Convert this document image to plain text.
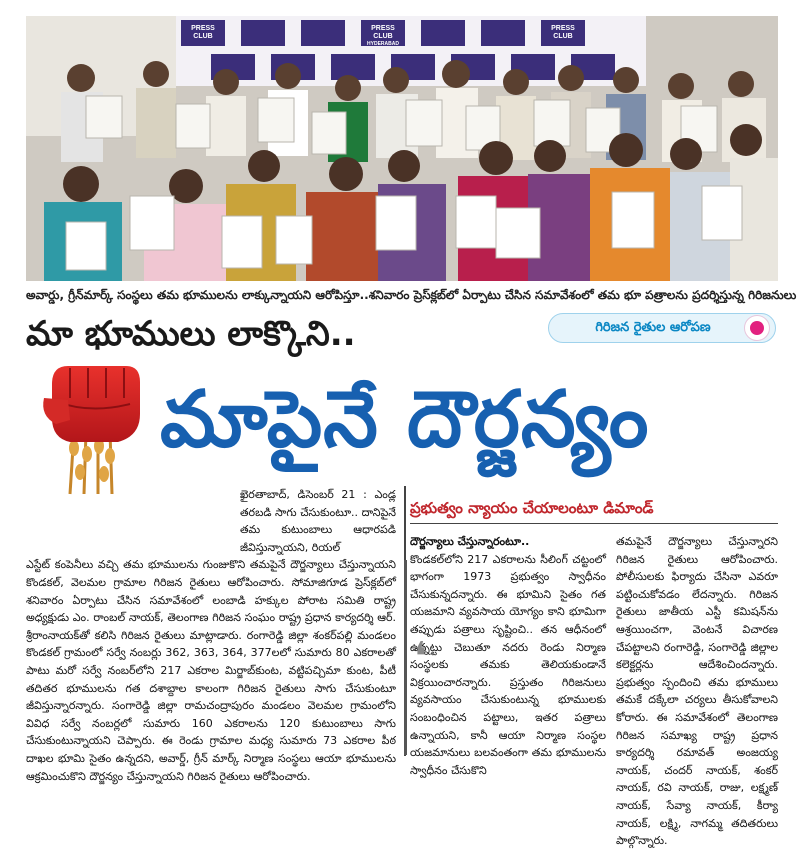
PRESS
CLUB
PRESS
CLUB
HYDERABAD
PRESS
CLUB
అవార్డు, గ్రీన్‌మార్క్‌ సంస్థలు తమ భూములను లాక్కున్నాయని ఆరోపిస్తూ..శనివారం ప్రెస్‌క్లబ్‌లో ఏర్పాటు చేసిన సమావేశంలో తమ భూ పత్రాలను ప్రదర్శిస్తున్న గిరిజనులు
మా భూములు లాక్కొని..	గిరిజన రైతుల ఆరోపణ
మాపైనే దౌర్జన్యం

ఖైరతాబాద్‌, డిసెంబర్‌ 21 : ఎండ్ల తరబడి సాగు చేసుకుంటూ.. దానిపైనే తమ కుటుంబాలు ఆధారపడి జీవిస్తున్నాయని, రియల్‌

ఎస్టేట్‌ కంపెనీలు వచ్చి తమ భూములను గుంజుకొని తమపైనే దౌర్జన్యాలు చేస్తున్నాయని కొండకల్‌, వెలమల గ్రామాల గిరిజన రైతులు ఆరోపించారు. సోమాజిగూడ ప్రెస్‌క్లబ్‌లో శనివారం ఏర్పాటు చేసిన సమావేశంలో లంబాడి హక్కుల పోరాట సమితి రాష్ట్ర అధ్యక్షుడు ఎం. రాంబల్‌ నాయక్‌, తెలంగాణ గిరిజన సంఘం రాష్ట్ర ప్రధాన కార్యదర్శి ఆర్‌. శ్రీరాంనాయక్‌తో కలిసి గిరిజన రైతులు మాట్లాడారు. రంగారెడ్డి జిల్లా శంకర్‌పల్లి మండలం కొండకల్‌ గ్రామంలో సర్వే నంబర్లు 362, 363, 364, 377లలో సుమారు 80 ఎకరాలతో పాటు మరో సర్వే నంబర్‌లోని 217 ఎకరాల మిర్జాబ్‌కుంట, వట్టిపచ్చిమా కుంట, పీటీ తదితర భూములను గత దశాబ్దాల కాలంగా గిరిజన రైతులు సాగు చేసుకుంటూ జీవిస్తున్నారన్నారు. సంగారెడ్డి జిల్లా రామచంద్రాపురం మండలం వెలమల గ్రామంలోని వివిధ సర్వే నంబర్లలో సుమారు 160 ఎకరాలను 120 కుటుంబాలు సాగు చేసుకుంటున్నాయని చెప్పారు. ఈ రెండు గ్రామాల మధ్య సుమారు 73 ఎకరాల పీఠ దాఖల భూమి సైతం ఉన్నదని, అవార్డ్‌, గ్రీన్‌ మార్క్‌ నిర్మాణ సంస్థలు ఆయా భూములను ఆక్రమించుకొని దౌర్జన్యం చేస్తున్నాయని గిరిజన రైతులు ఆరోపించారు.

ప్రభుత్వం న్యాయం చేయాలంటూ డిమాండ్‌

దౌర్జన్యాలు చేస్తున్నారంటూ..

కొండకల్‌లోని 217 ఎకరాలను సీలింగ్‌ చట్టంలో భాగంగా 1973 ప్రభుత్వం స్వాధీనం చేసుకున్నదన్నారు. ఈ భూమిని సైతం గత యజమాని వ్యవసాయ యోగ్యం కాని భూమిగా తప్పుడు పత్రాలు సృష్టించి.. తన ఆధీనంలో ఉన్నట్టు చెబుతూ నదరు రెండు నిర్మాణ సంస్థలకు తమకు తెలియకుండానే విక్రయించారన్నారు. ప్రస్తుతం గిరిజనులు వ్యవసాయం చేసుకుంటున్న భూములకు సంబంధించిన పట్టాలు, ఇతర పత్రాలు ఉన్నాయని, కానీ ఆయా నిర్మాణ సంస్థల యజమానులు బలవంతంగా తమ భూములను స్వాధీనం చేసుకొని

❛

తమపైనే దౌర్జన్యాలు చేస్తున్నారని గిరిజన రైతులు ఆరోపించారు. పోలీసులకు ఫిర్యాదు చేసినా ఎవరూ పట్టించుకోవడం లేదన్నారు. గిరిజన రైతులు జాతీయ ఎస్టీ కమిషన్‌ను ఆశ్రయించగా, వెంటనే విచారణ చేపట్టాలని రంగారెడ్డి, సంగారెడ్డి జిల్లాల కలెక్టర్లను ఆదేశించిందన్నారు. ప్రభుత్వం స్పందించి తమ భూములు తమకే దక్కేలా చర్యలు తీసుకోవాలని కోరారు. ఈ సమావేశంలో తెలంగాణ గిరిజన సమాఖ్య రాష్ట్ర ప్రధాన కార్యదర్శి రమావత్‌ అంజయ్య నాయక్‌, చందర్‌ నాయక్‌, శంకర్‌ నాయక్‌, రవి నాయక్‌, రాజు, లక్ష్మణ్‌ నాయక్‌, సేవ్యా నాయక్‌, కీర్యా నాయక్‌, లక్ష్మి, నాగమ్మ తదితరులు పాల్గొన్నారు.
